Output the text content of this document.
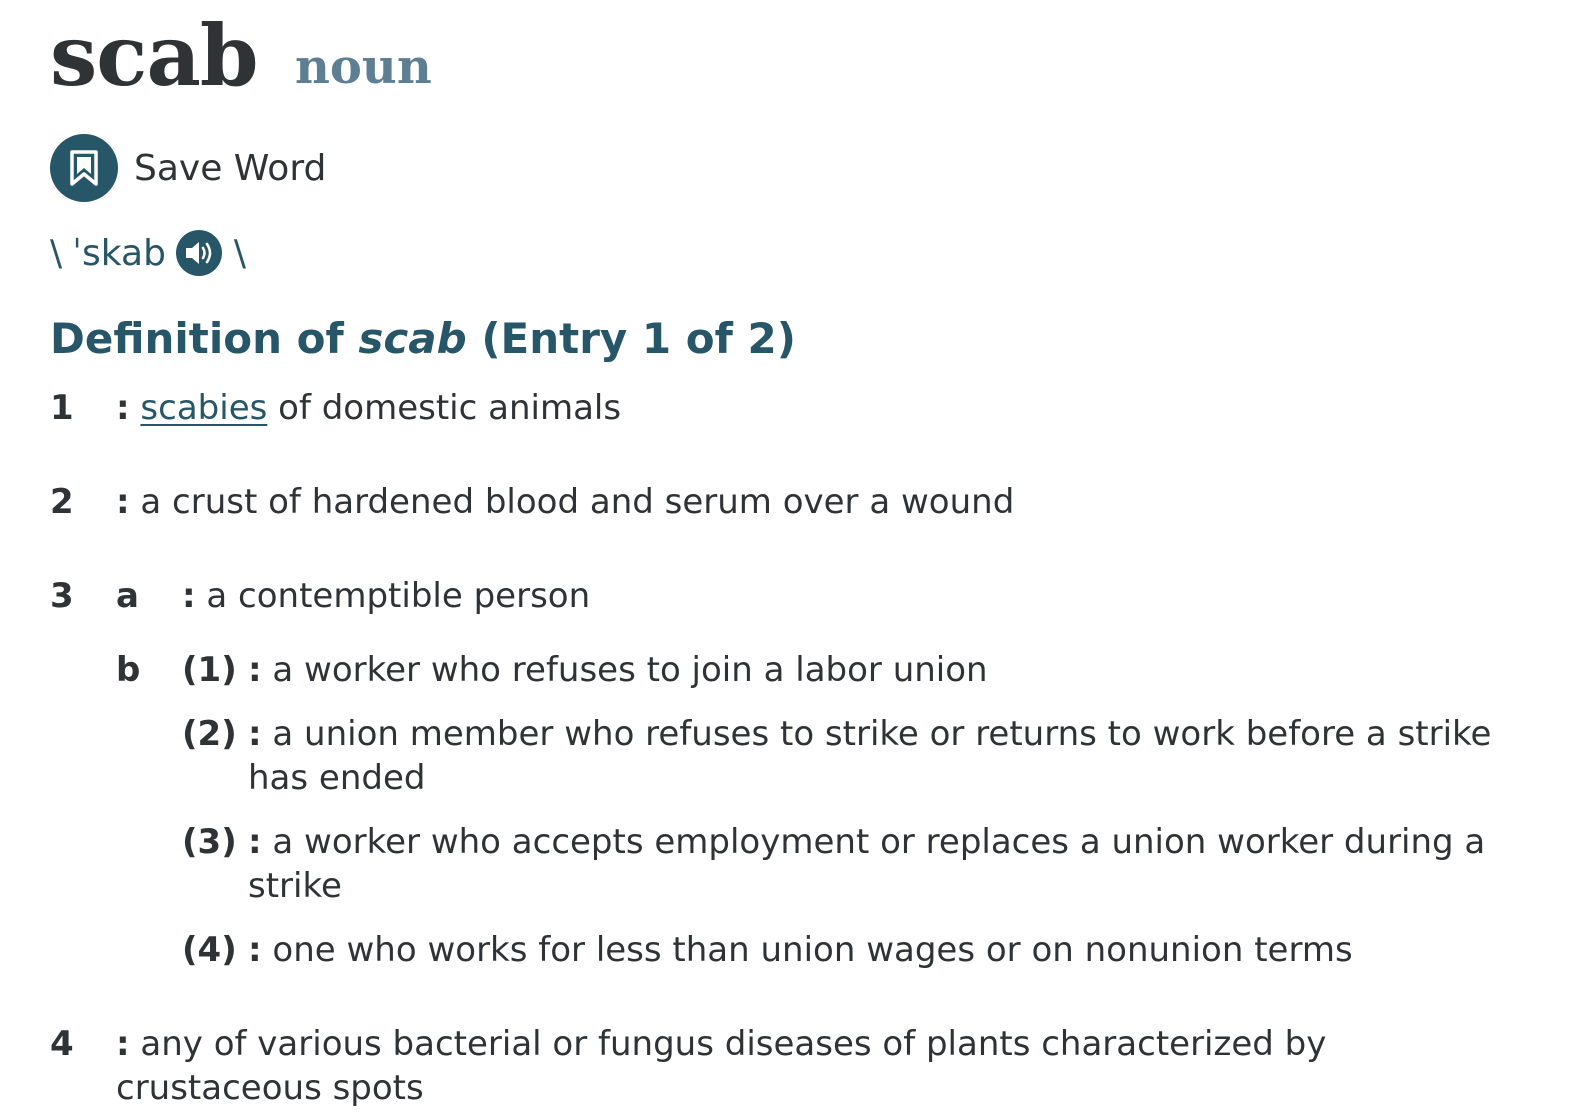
scab noun
Save Word
\ ˈskab \
Definition of scab (Entry 1 of 2)
1 : scabies of domestic animals
2 : a crust of hardened blood and serum over a wound
3 a : a contemptible person
b (1) : a worker who refuses to join a labor union
(2) : a union member who refuses to strike or returns to work before a strike has ended
(3) : a worker who accepts employment or replaces a union worker during a strike
(4) : one who works for less than union wages or on nonunion terms
4 : any of various bacterial or fungus diseases of plants characterized by crustaceous spots
